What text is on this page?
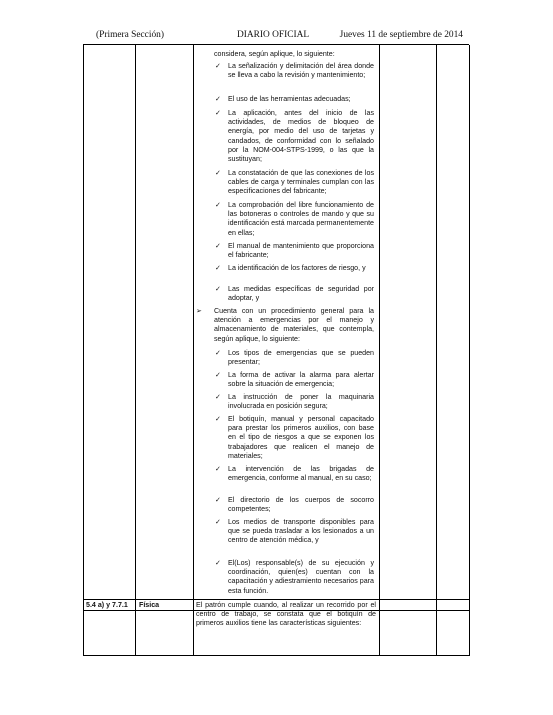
(Primera Sección)	DIARIO OFICIAL	Jueves 11 de septiembre de 2014
considera, según aplique, lo siguiente:
✓ La señalización y delimitación del área donde se lleva a cabo la revisión y mantenimiento;
✓ El uso de las herramientas adecuadas;
✓ La aplicación, antes del inicio de las actividades, de medios de bloqueo de energía, por medio del uso de tarjetas y candados, de conformidad con lo señalado por la NOM-004-STPS-1999, o las que la sustituyan;
✓ La constatación de que las conexiones de los cables de carga y terminales cumplan con las especificaciones del fabricante;
✓ La comprobación del libre funcionamiento de las botoneras o controles de mando y que su identificación está marcada permanentemente en ellas;
✓ El manual de mantenimiento que proporciona el fabricante;
✓ La identificación de los factores de riesgo, y
✓ Las medidas específicas de seguridad por adoptar, y
➢ Cuenta con un procedimiento general para la atención a emergencias por el manejo y almacenamiento de materiales, que contempla, según aplique, lo siguiente:
✓ Los tipos de emergencias que se pueden presentar;
✓ La forma de activar la alarma para alertar sobre la situación de emergencia;
✓ La instrucción de poner la maquinaria involucrada en posición segura;
✓ El botiquín, manual y personal capacitado para prestar los primeros auxilios, con base en el tipo de riesgos a que se exponen los trabajadores que realicen el manejo de materiales;
✓ La intervención de las brigadas de emergencia, conforme al manual, en su caso;
✓ El directorio de los cuerpos de socorro competentes;
✓ Los medios de transporte disponibles para que se pueda trasladar a los lesionados a un centro de atención médica, y
✓ El(Los) responsable(s) de su ejecución y coordinación, quien(es) cuentan con la capacitación y adiestramiento necesarios para esta función.
5.4 a) y 7.7.1	Física	El patrón cumple cuando, al realizar un recorrido por el centro de trabajo, se constata que el botiquín de primeros auxilios tiene las características siguientes:
